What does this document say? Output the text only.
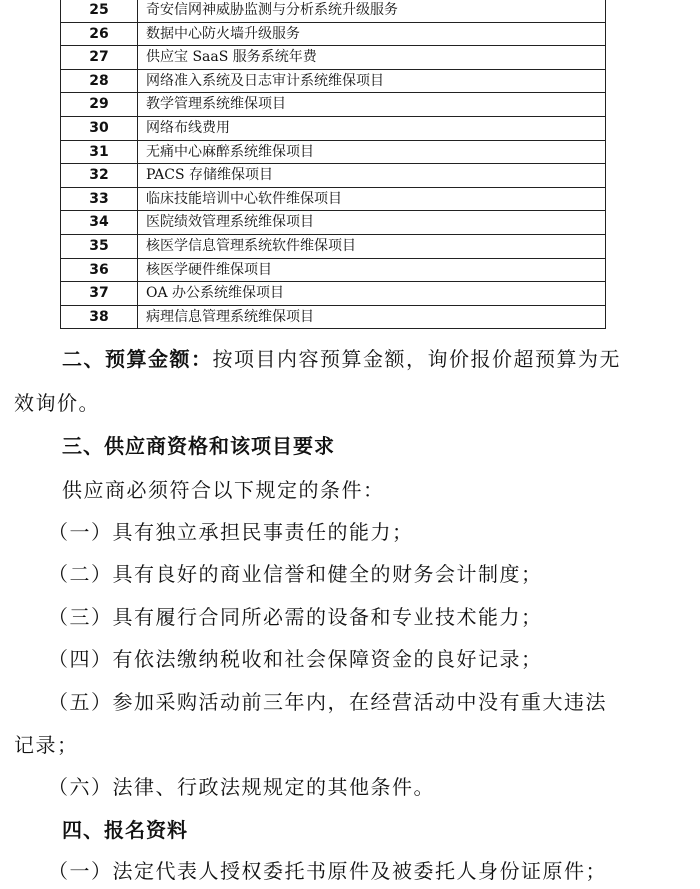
25	奇安信网神威胁监测与分析系统升级服务
26	数据中心防火墙升级服务
27	供应宝 SaaS 服务系统年费
28	网络准入系统及日志审计系统维保项目
29	教学管理系统维保项目
30	网络布线费用
31	无痛中心麻醉系统维保项目
32	PACS 存储维保项目
33	临床技能培训中心软件维保项目
34	医院绩效管理系统维保项目
35	核医学信息管理系统软件维保项目
36	核医学硬件维保项目
37	OA 办公系统维保项目
38	病理信息管理系统维保项目
二、预算金额：按项目内容预算金额，询价报价超预算为无
效询价。
三、供应商资格和该项目要求
供应商必须符合以下规定的条件：
（一）具有独立承担民事责任的能力；
（二）具有良好的商业信誉和健全的财务会计制度；
（三）具有履行合同所必需的设备和专业技术能力；
（四）有依法缴纳税收和社会保障资金的良好记录；
（五）参加采购活动前三年内，在经营活动中没有重大违法
记录；
（六）法律、行政法规规定的其他条件。
四、报名资料
（一）法定代表人授权委托书原件及被委托人身份证原件；
